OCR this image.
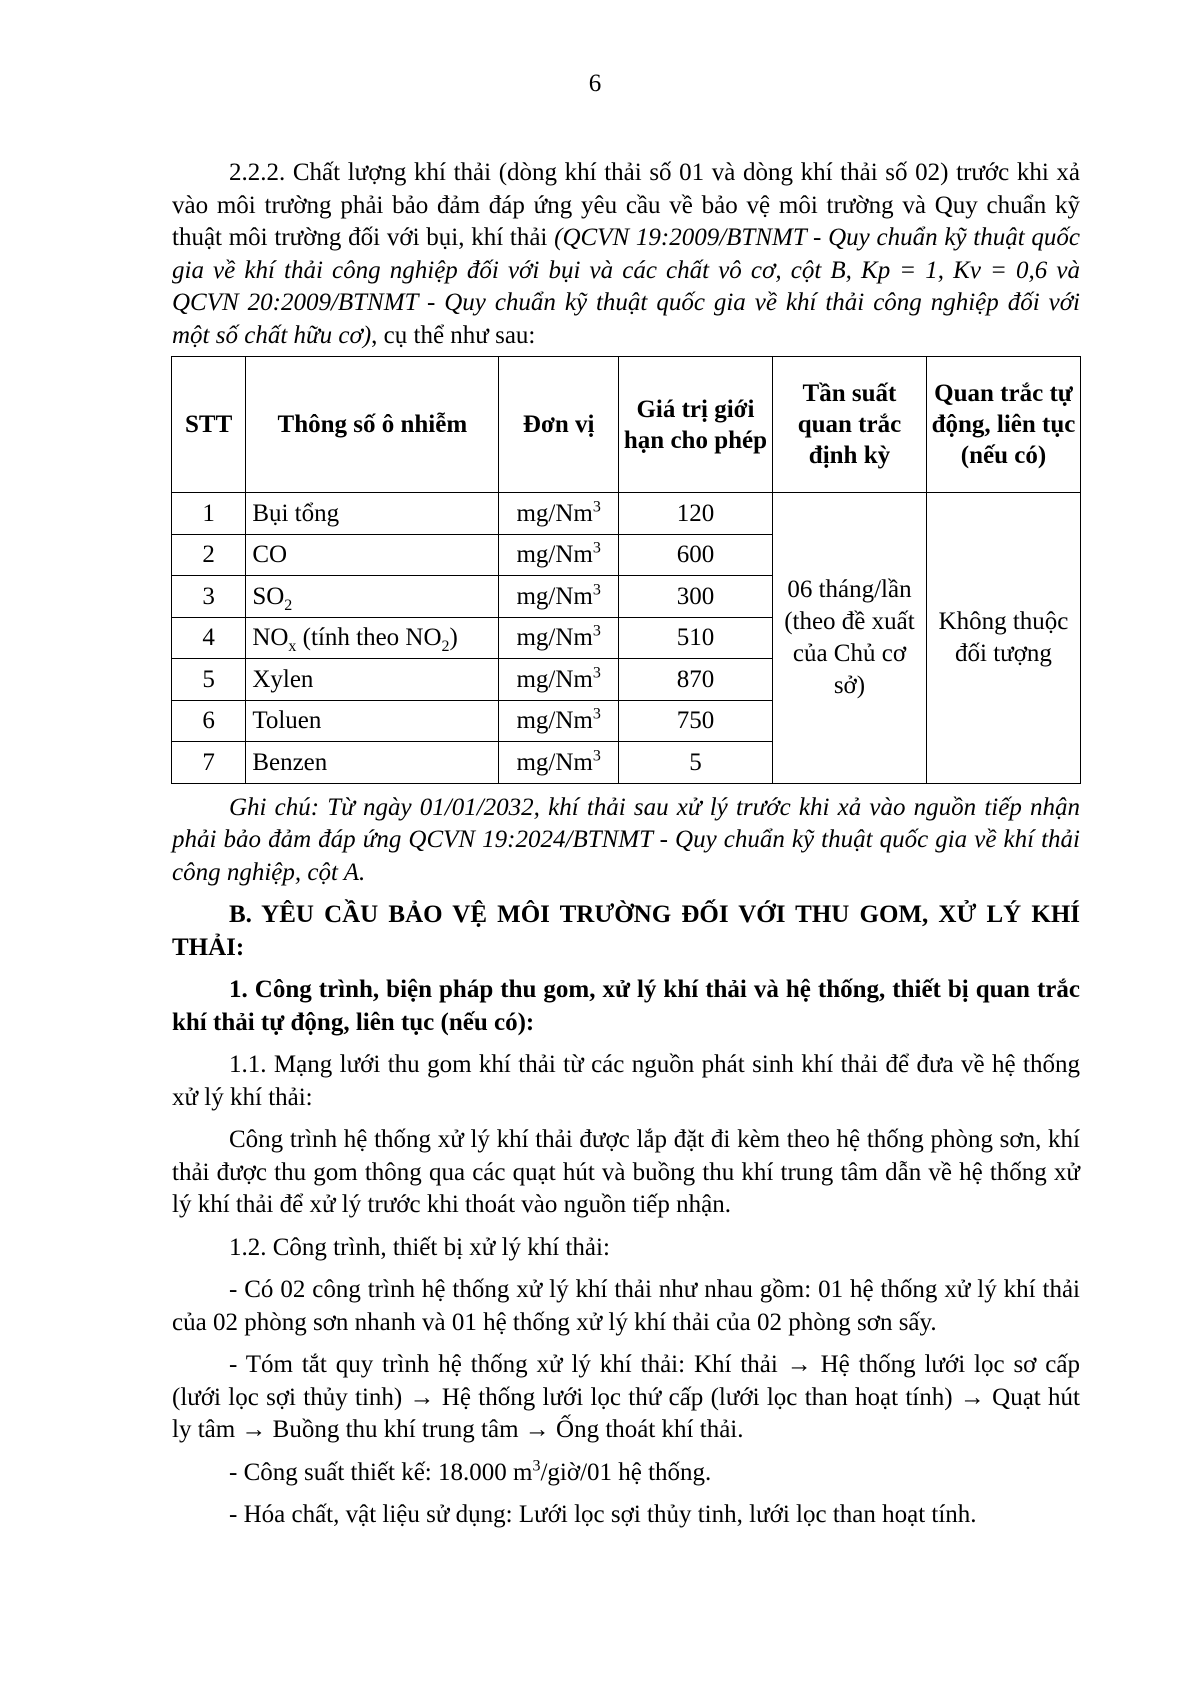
6

2.2.2. Chất lượng khí thải (dòng khí thải số 01 và dòng khí thải số 02) trước khi xả vào môi trường phải bảo đảm đáp ứng yêu cầu về bảo vệ môi trường và Quy chuẩn kỹ thuật môi trường đối với bụi, khí thải (QCVN 19:2009/BTNMT - Quy chuẩn kỹ thuật quốc gia về khí thải công nghiệp đối với bụi và các chất vô cơ, cột B, Kp = 1, Kv = 0,6 và QCVN 20:2009/BTNMT - Quy chuẩn kỹ thuật quốc gia về khí thải công nghiệp đối với một số chất hữu cơ), cụ thể như sau:

STT	Thông số ô nhiễm	Đơn vị	Giá trị giới hạn cho phép	Tần suất quan trắc định kỳ	Quan trắc tự động, liên tục (nếu có)
1	Bụi tổng	mg/Nm$^3$	120	06 tháng/lần (theo đề xuất của Chủ cơ sở)	Không thuộc đối tượng
2	CO	mg/Nm$^3$	600		
3	$SO_2$	mg/Nm$^3$	300		
4	$NO_x$ (tính theo $NO_2$)	mg/Nm$^3$	510		
5	Xylen	mg/Nm$^3$	870		
6	Toluen	mg/Nm$^3$	750		
7	Benzen	mg/Nm$^3$	5		

Ghi chú: Từ ngày 01/01/2032, khí thải sau xử lý trước khi xả vào nguồn tiếp nhận phải bảo đảm đáp ứng QCVN 19:2024/BTNMT - Quy chuẩn kỹ thuật quốc gia về khí thải công nghiệp, cột A.

B. YÊU CẦU BẢO VỆ MÔI TRƯỜNG ĐỐI VỚI THU GOM, XỬ LÝ KHÍ THẢI:

1. Công trình, biện pháp thu gom, xử lý khí thải và hệ thống, thiết bị quan trắc khí thải tự động, liên tục (nếu có):

1.1. Mạng lưới thu gom khí thải từ các nguồn phát sinh khí thải để đưa về hệ thống xử lý khí thải:

Công trình hệ thống xử lý khí thải được lắp đặt đi kèm theo hệ thống phòng sơn, khí thải được thu gom thông qua các quạt hút và buồng thu khí trung tâm dẫn về hệ thống xử lý khí thải để xử lý trước khi thoát vào nguồn tiếp nhận.

1.2. Công trình, thiết bị xử lý khí thải:

- Có 02 công trình hệ thống xử lý khí thải như nhau gồm: 01 hệ thống xử lý khí thải của 02 phòng sơn nhanh và 01 hệ thống xử lý khí thải của 02 phòng sơn sấy.

- Tóm tắt quy trình hệ thống xử lý khí thải: Khí thải → Hệ thống lưới lọc sơ cấp (lưới lọc sợi thủy tinh) → Hệ thống lưới lọc thứ cấp (lưới lọc than hoạt tính) → Quạt hút ly tâm → Buồng thu khí trung tâm → Ống thoát khí thải.

- Công suất thiết kế: 18.000 $m^3/giờ/01$ hệ thống.

- Hóa chất, vật liệu sử dụng: Lưới lọc sợi thủy tinh, lưới lọc than hoạt tính.
